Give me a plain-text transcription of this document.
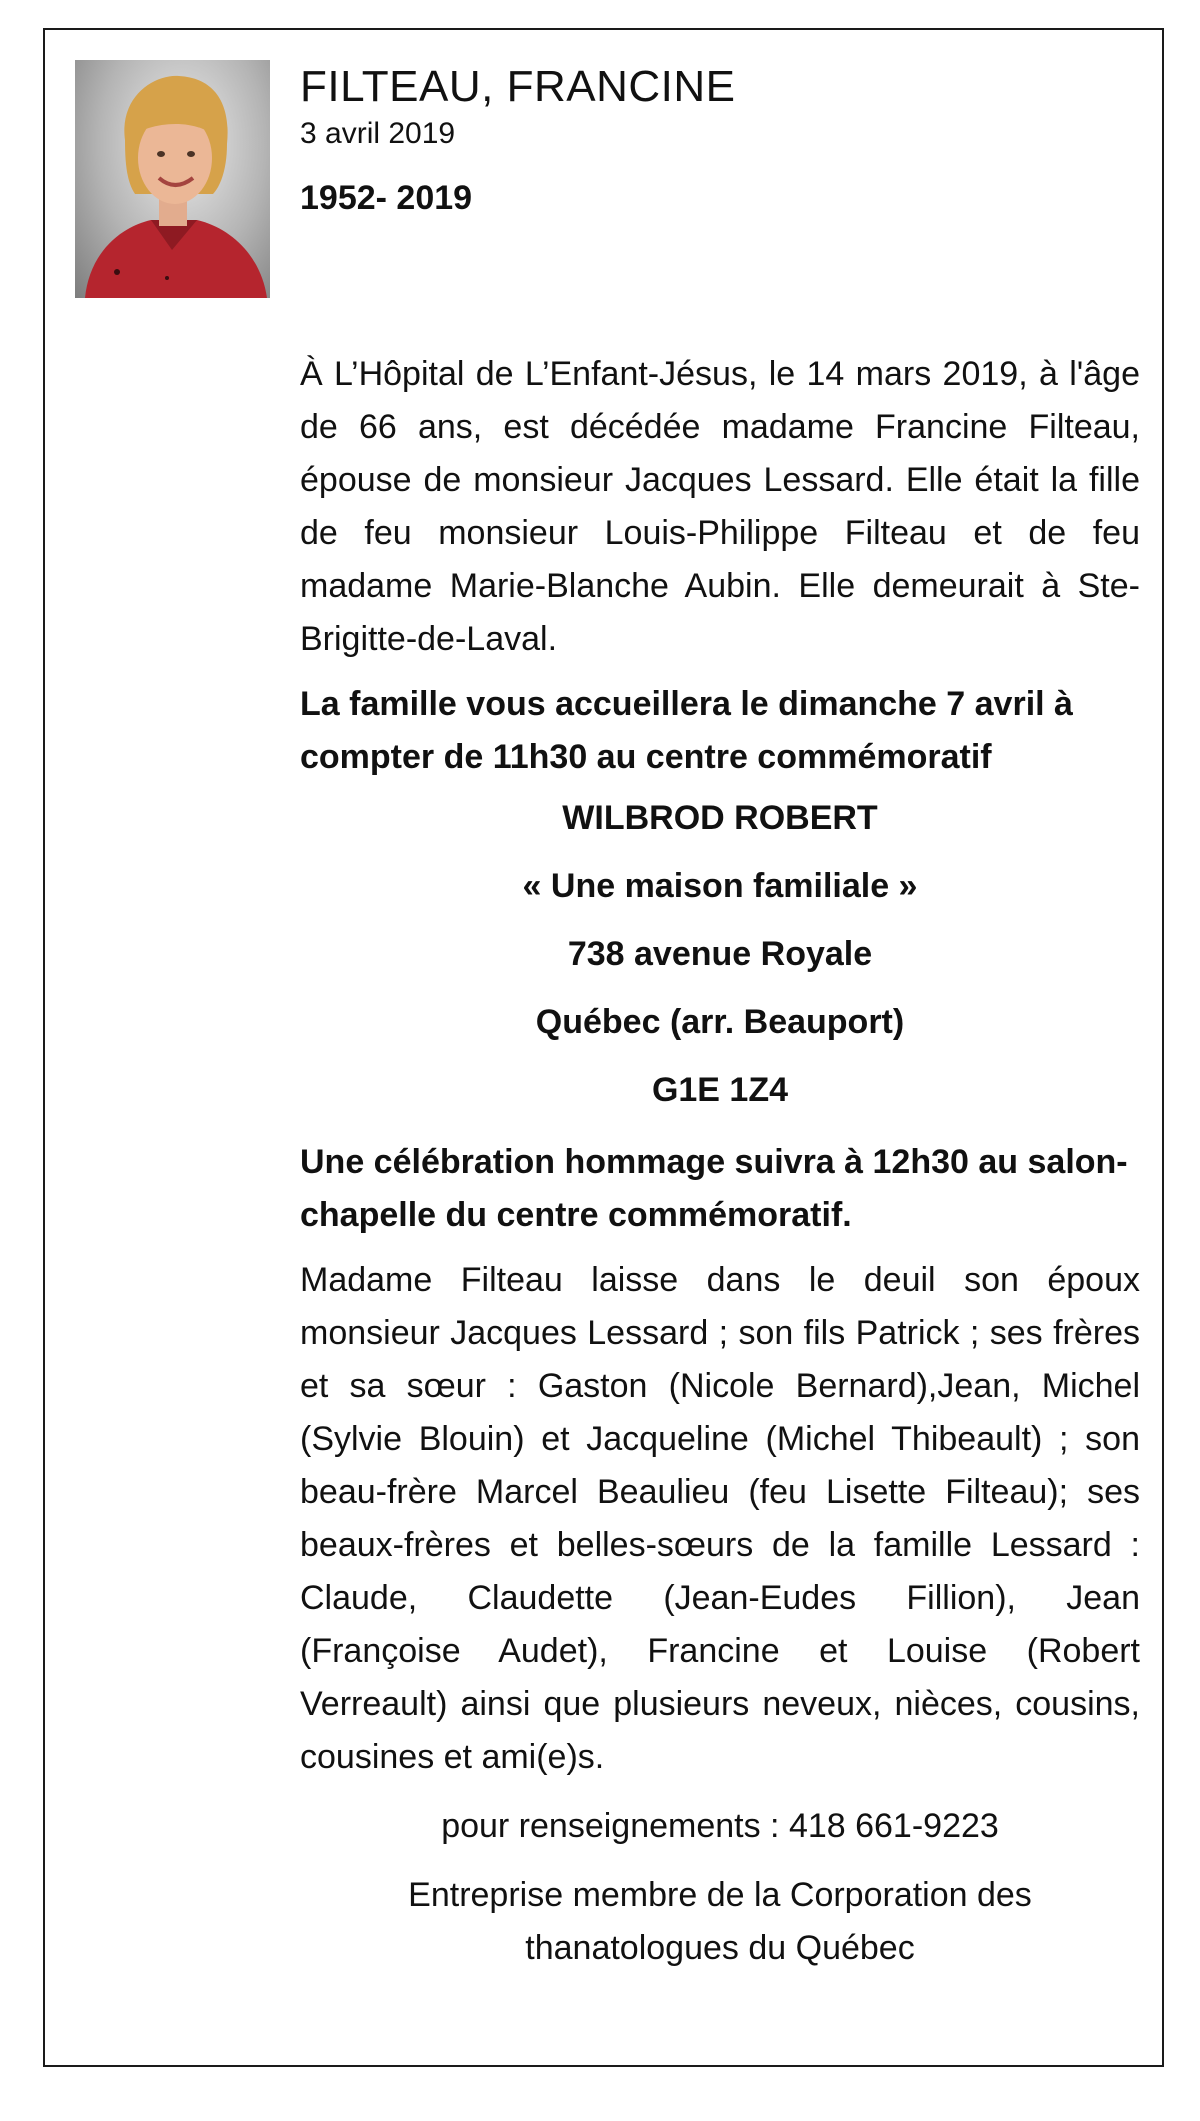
FILTEAU, FRANCINE
3 avril 2019
1952- 2019

À L’Hôpital de L’Enfant-Jésus, le 14 mars 2019, à l'âge de 66 ans, est décédée madame Francine Filteau, épouse de monsieur Jacques Lessard. Elle était la fille de feu monsieur Louis-Philippe Filteau et de feu madame Marie-Blanche Aubin. Elle demeurait à Ste-Brigitte-de-Laval.

La famille vous accueillera le dimanche 7 avril à compter de 11h30 au centre commémoratif

WILBROD ROBERT

« Une maison familiale »

738 avenue Royale

Québec (arr. Beauport)

G1E 1Z4

Une célébration hommage suivra à 12h30 au salon-chapelle du centre commémoratif.

Madame Filteau laisse dans le deuil son époux monsieur Jacques Lessard ; son fils Patrick ; ses frères et sa sœur : Gaston (Nicole Bernard),Jean, Michel (Sylvie Blouin) et Jacqueline (Michel Thibeault) ; son beau-frère Marcel Beaulieu (feu Lisette Filteau); ses beaux-frères et belles-sœurs de la famille Lessard : Claude, Claudette (Jean-Eudes Fillion), Jean (Françoise Audet), Francine et Louise (Robert Verreault) ainsi que plusieurs neveux, nièces, cousins, cousines et ami(e)s.

pour renseignements : 418 661-9223

Entreprise membre de la Corporation des

thanatologues du Québec
